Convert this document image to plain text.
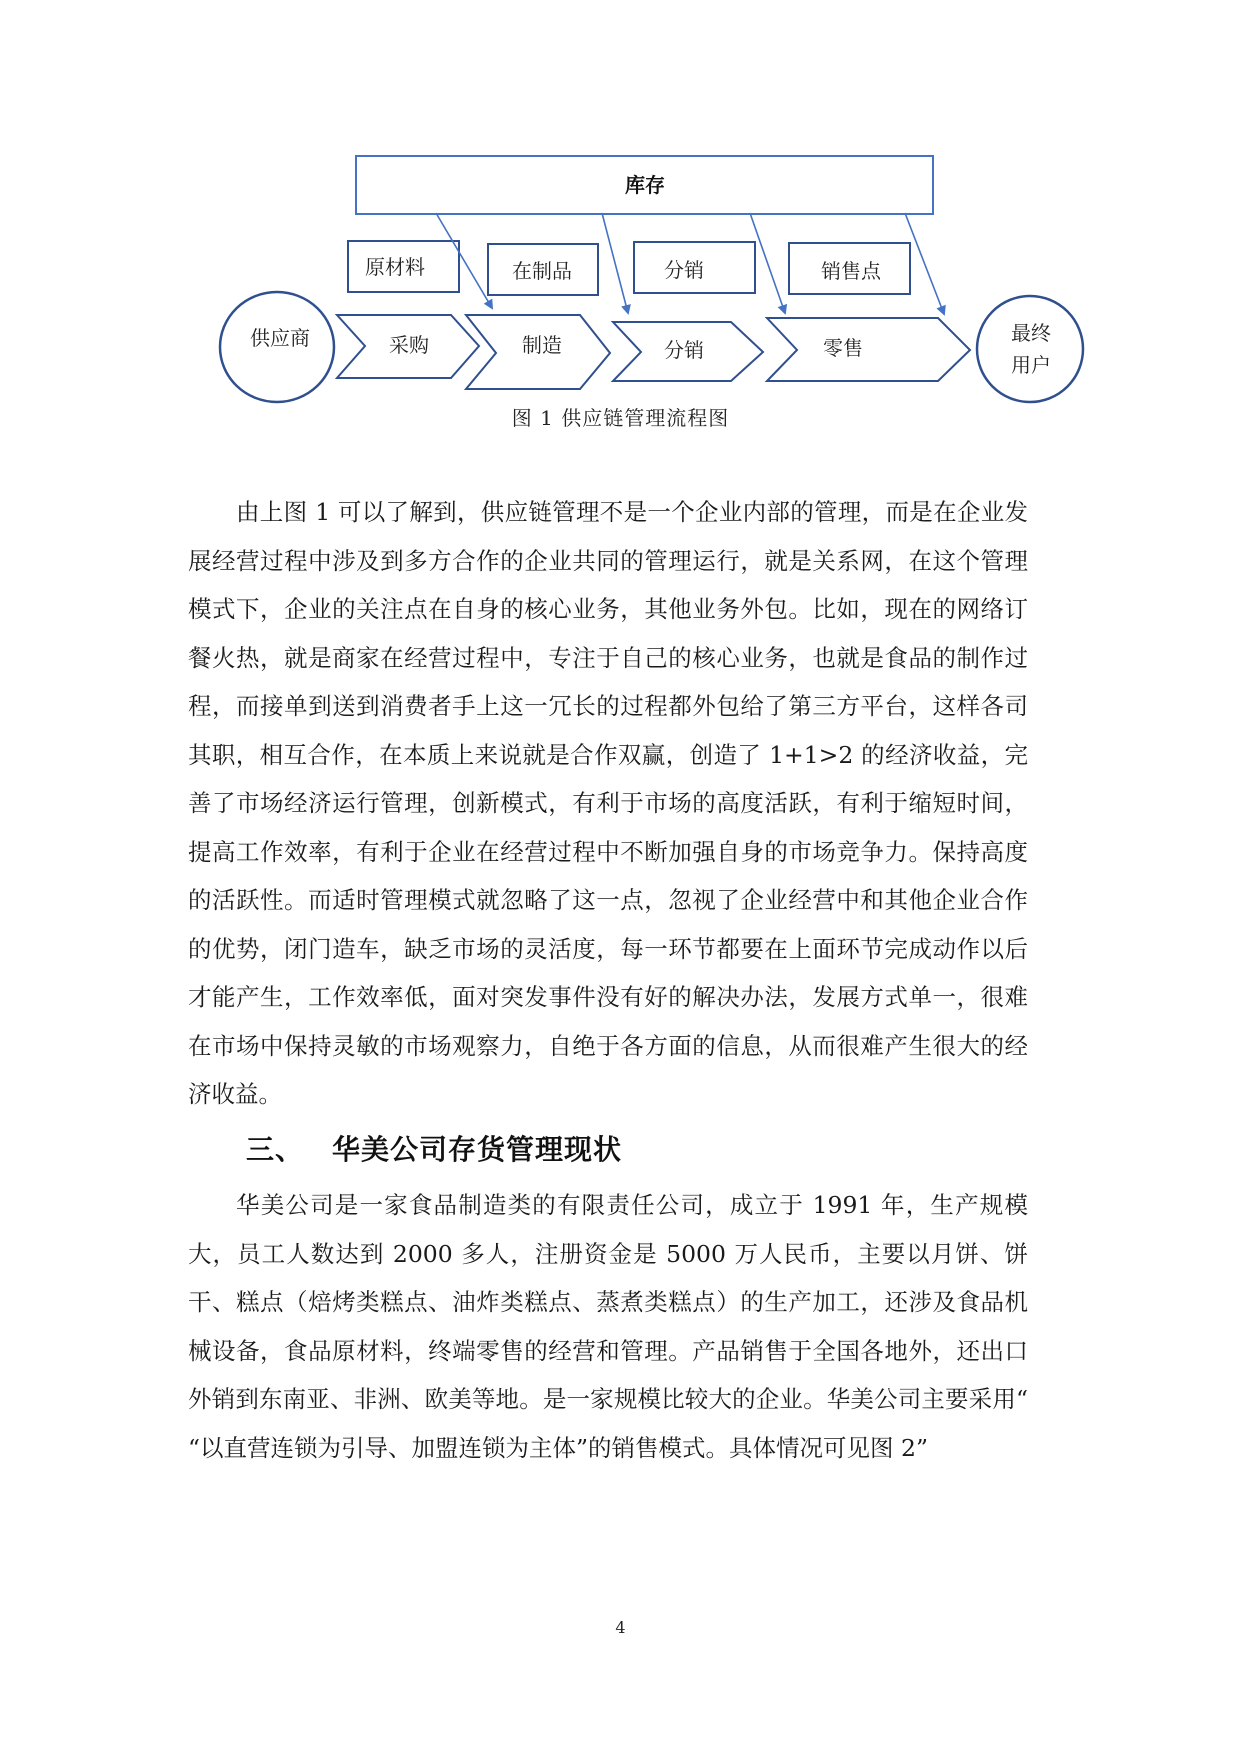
库存
原材料	在制品	分销	销售点
供应商	采购	制造	分销	零售
最终
用户
图 1 供应链管理流程图

由上图 1 可以了解到，供应链管理不是一个企业内部的管理，而是在企业发展经营过程中涉及到多方合作的企业共同的管理运行，就是关系网，在这个管理模式下，企业的关注点在自身的核心业务，其他业务外包。比如，现在的网络订餐火热，就是商家在经营过程中，专注于自己的核心业务，也就是食品的制作过程，而接单到送到消费者手上这一冗长的过程都外包给了第三方平台，这样各司其职，相互合作，在本质上来说就是合作双赢，创造了 1+1>2 的经济收益，完善了市场经济运行管理，创新模式，有利于市场的高度活跃，有利于缩短时间，提高工作效率，有利于企业在经营过程中不断加强自身的市场竞争力。保持高度的活跃性。而适时管理模式就忽略了这一点，忽视了企业经营中和其他企业合作的优势，闭门造车，缺乏市场的灵活度，每一环节都要在上面环节完成动作以后才能产生，工作效率低，面对突发事件没有好的解决办法，发展方式单一，很难在市场中保持灵敏的市场观察力，自绝于各方面的信息，从而很难产生很大的经济收益。

三、 华美公司存货管理现状

华美公司是一家食品制造类的有限责任公司，成立于 1991 年，生产规模大，员工人数达到 2000 多人，注册资金是 5000 万人民币，主要以月饼、饼干、糕点（焙烤类糕点、油炸类糕点、蒸煮类糕点）的生产加工，还涉及食品机械设备，食品原材料，终端零售的经营和管理。产品销售于全国各地外，还出口外销到东南亚、非洲、欧美等地。是一家规模比较大的企业。华美公司主要采用“ “以直营连锁为引导、加盟连锁为主体”的销售模式。具体情况可见图 2”

4
